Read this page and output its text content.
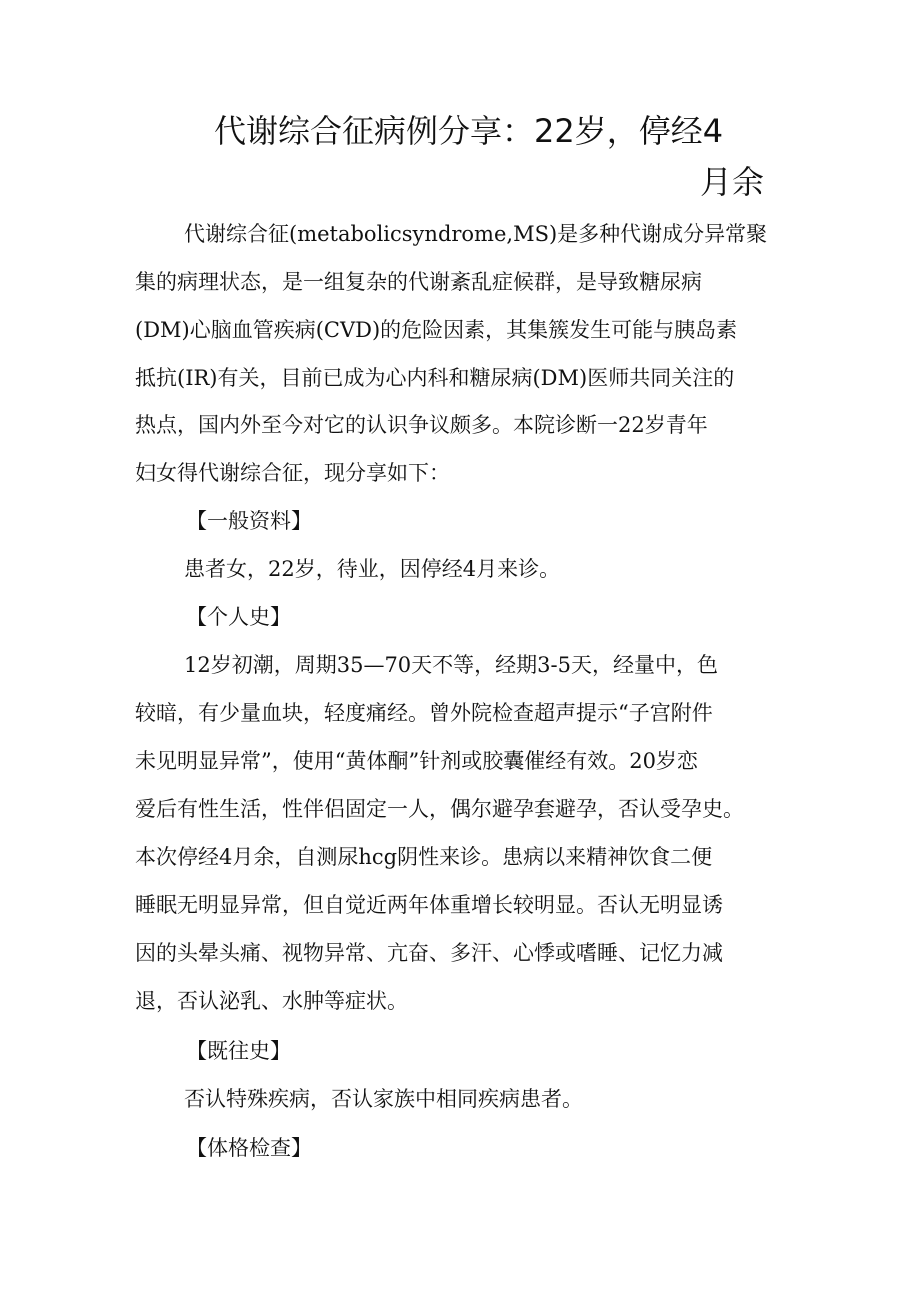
代谢综合征病例分享：22岁，停经4
月余
代谢综合征(metabolicsyndrome,MS)是多种代谢成分异常聚
集的病理状态，是一组复杂的代谢紊乱症候群，是导致糖尿病
(DM)心脑血管疾病(CVD)的危险因素，其集簇发生可能与胰岛素
抵抗(IR)有关，目前已成为心内科和糖尿病(DM)医师共同关注的
热点，国内外至今对它的认识争议颇多。本院诊断一22岁青年
妇女得代谢综合征，现分享如下：
【一般资料】
患者女，22岁，待业，因停经4月来诊。
【个人史】
12岁初潮，周期35—70天不等，经期3-5天，经量中，色
较暗，有少量血块，轻度痛经。曾外院检查超声提示“子宫附件
未见明显异常”，使用“黄体酮”针剂或胶囊催经有效。20岁恋
爱后有性生活，性伴侣固定一人，偶尔避孕套避孕，否认受孕史。
本次停经4月余，自测尿hcg阴性来诊。患病以来精神饮食二便
睡眠无明显异常，但自觉近两年体重增长较明显。否认无明显诱
因的头晕头痛、视物异常、亢奋、多汗、心悸或嗜睡、记忆力减
退，否认泌乳、水肿等症状。
【既往史】
否认特殊疾病，否认家族中相同疾病患者。
【体格检查】
